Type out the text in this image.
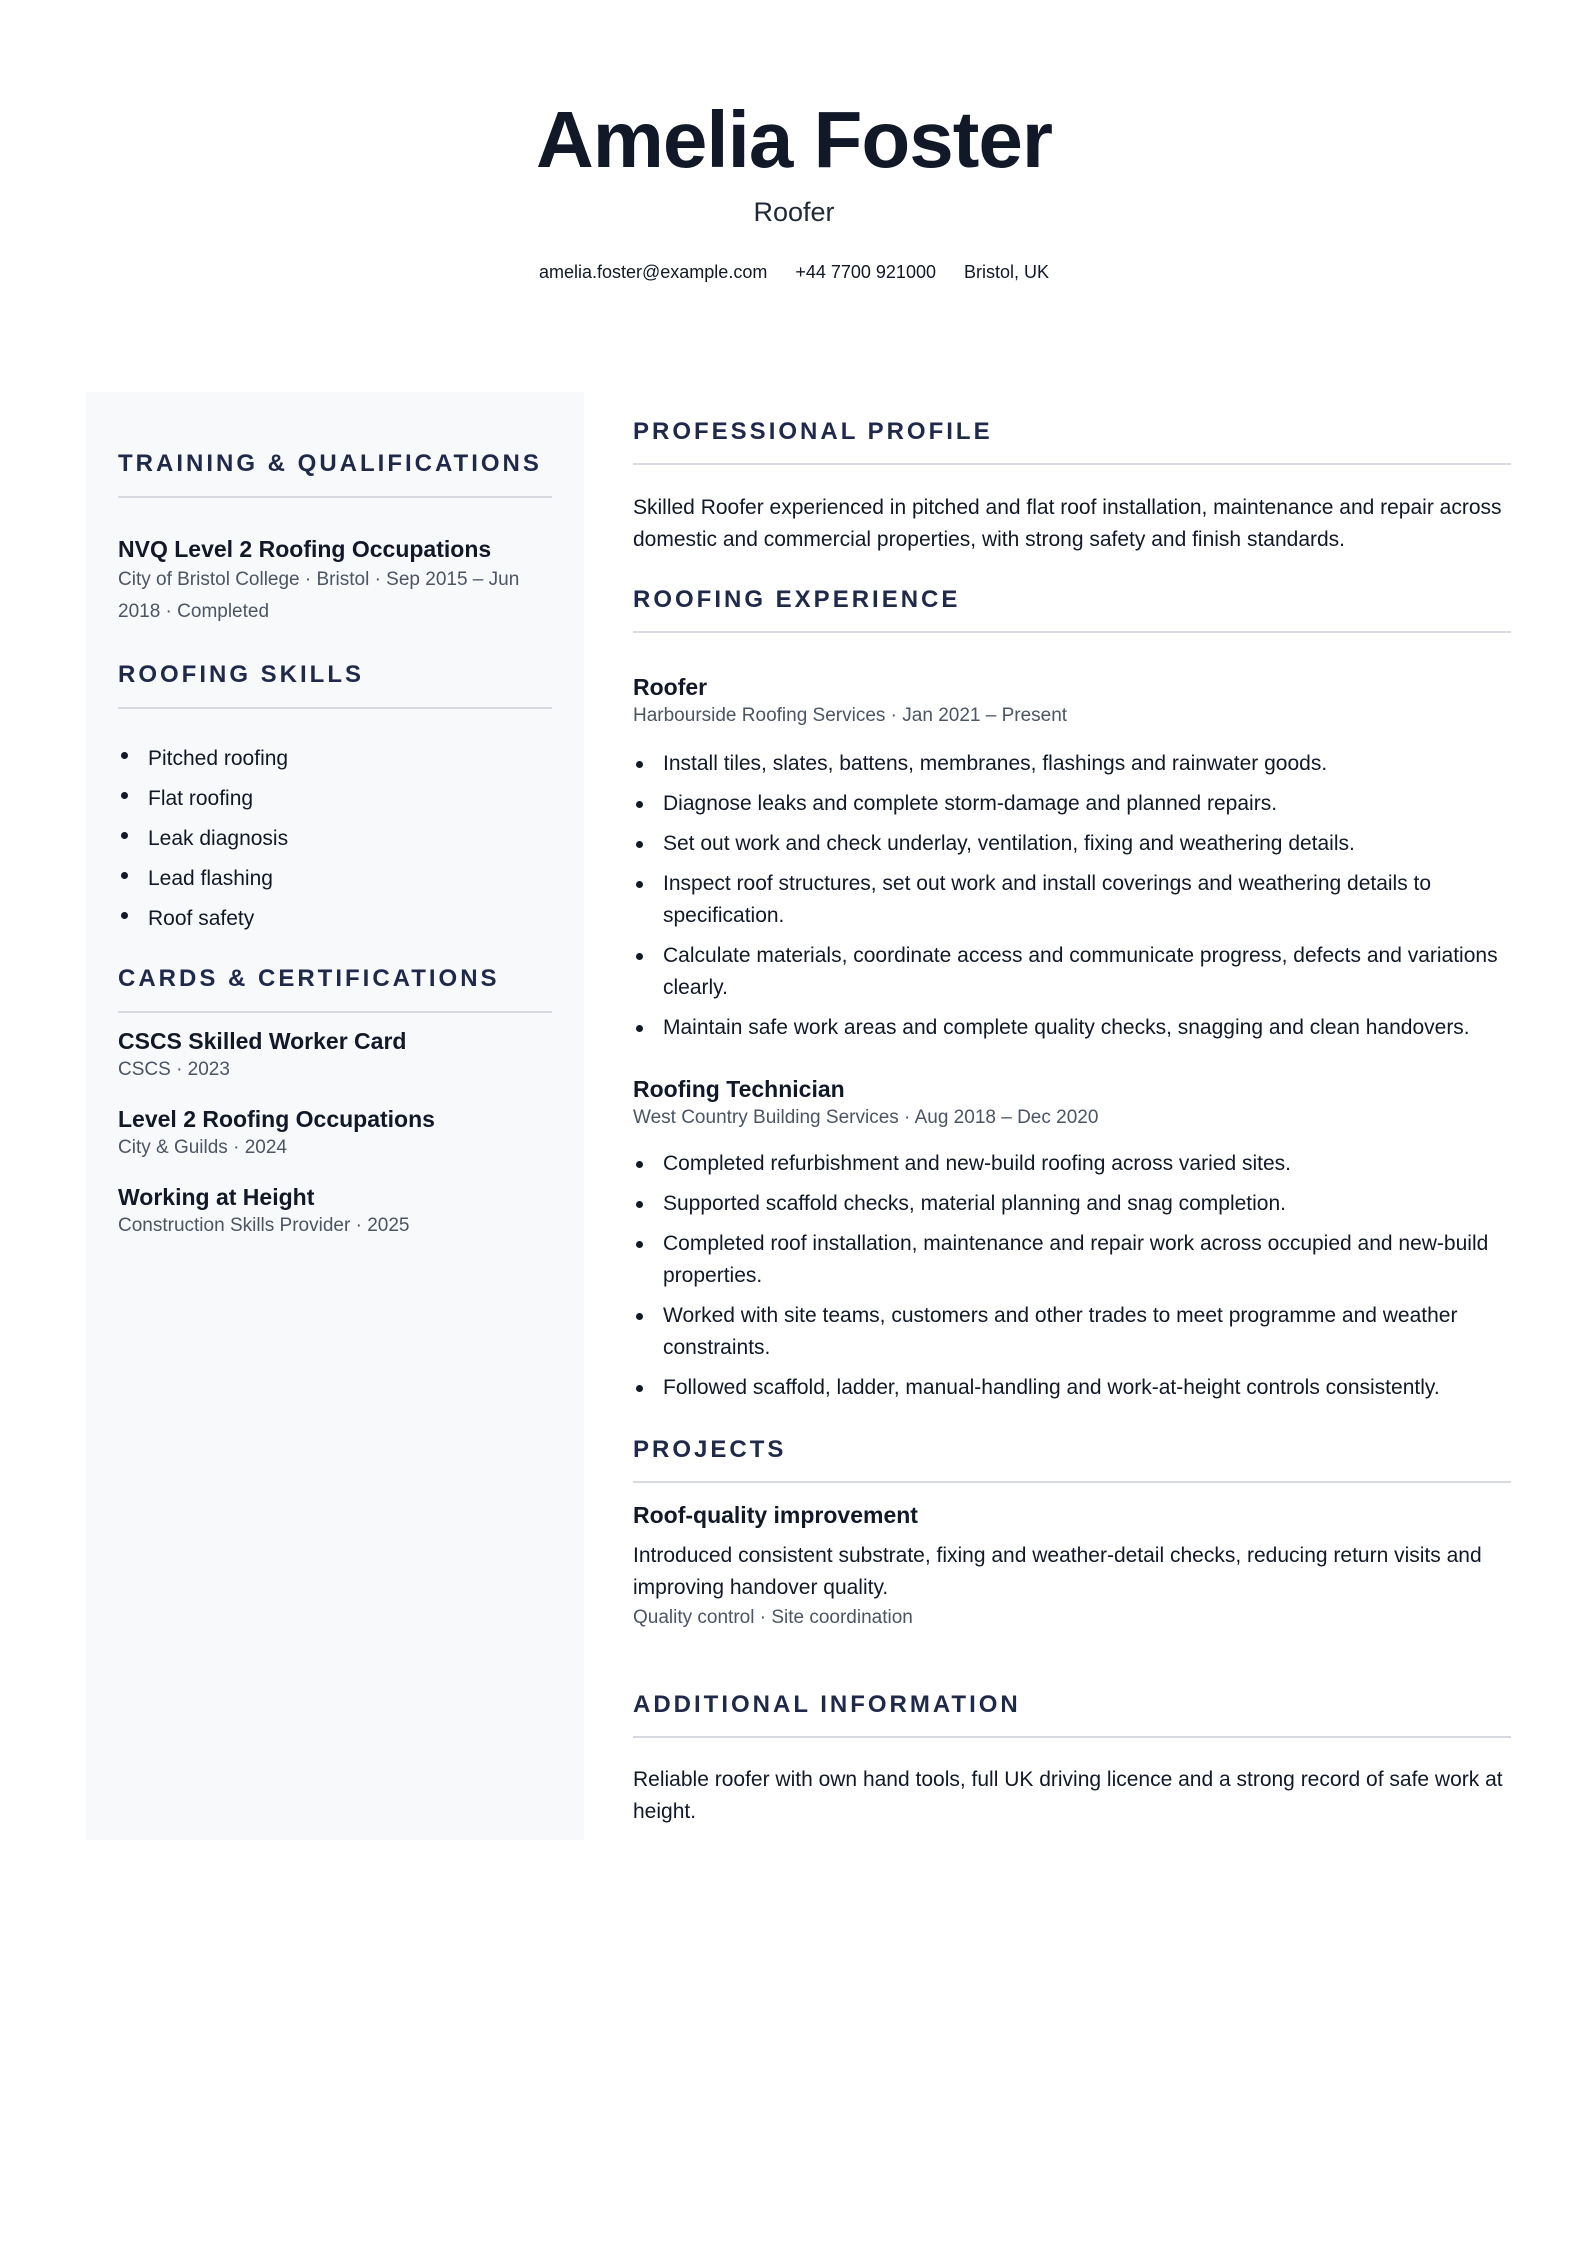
Amelia Foster
Roofer
amelia.foster@example.com +44 7700 921000 Bristol, UK
TRAINING & QUALIFICATIONS
NVQ Level 2 Roofing Occupations
City of Bristol College · Bristol · Sep 2015 – Jun 2018 · Completed
ROOFING SKILLS
Pitched roofing
Flat roofing
Leak diagnosis
Lead flashing
Roof safety
CARDS & CERTIFICATIONS
CSCS Skilled Worker Card
CSCS · 2023
Level 2 Roofing Occupations
City & Guilds · 2024
Working at Height
Construction Skills Provider · 2025
PROFESSIONAL PROFILE
Skilled Roofer experienced in pitched and flat roof installation, maintenance and repair across domestic and commercial properties, with strong safety and finish standards.
ROOFING EXPERIENCE
Roofer
Harbourside Roofing Services · Jan 2021 – Present
Install tiles, slates, battens, membranes, flashings and rainwater goods.
Diagnose leaks and complete storm-damage and planned repairs.
Set out work and check underlay, ventilation, fixing and weathering details.
Inspect roof structures, set out work and install coverings and weathering details to specification.
Calculate materials, coordinate access and communicate progress, defects and variations clearly.
Maintain safe work areas and complete quality checks, snagging and clean handovers.
Roofing Technician
West Country Building Services · Aug 2018 – Dec 2020
Completed refurbishment and new-build roofing across varied sites.
Supported scaffold checks, material planning and snag completion.
Completed roof installation, maintenance and repair work across occupied and new-build properties.
Worked with site teams, customers and other trades to meet programme and weather constraints.
Followed scaffold, ladder, manual-handling and work-at-height controls consistently.
PROJECTS
Roof-quality improvement
Introduced consistent substrate, fixing and weather-detail checks, reducing return visits and improving handover quality.
Quality control · Site coordination
ADDITIONAL INFORMATION
Reliable roofer with own hand tools, full UK driving licence and a strong record of safe work at height.
